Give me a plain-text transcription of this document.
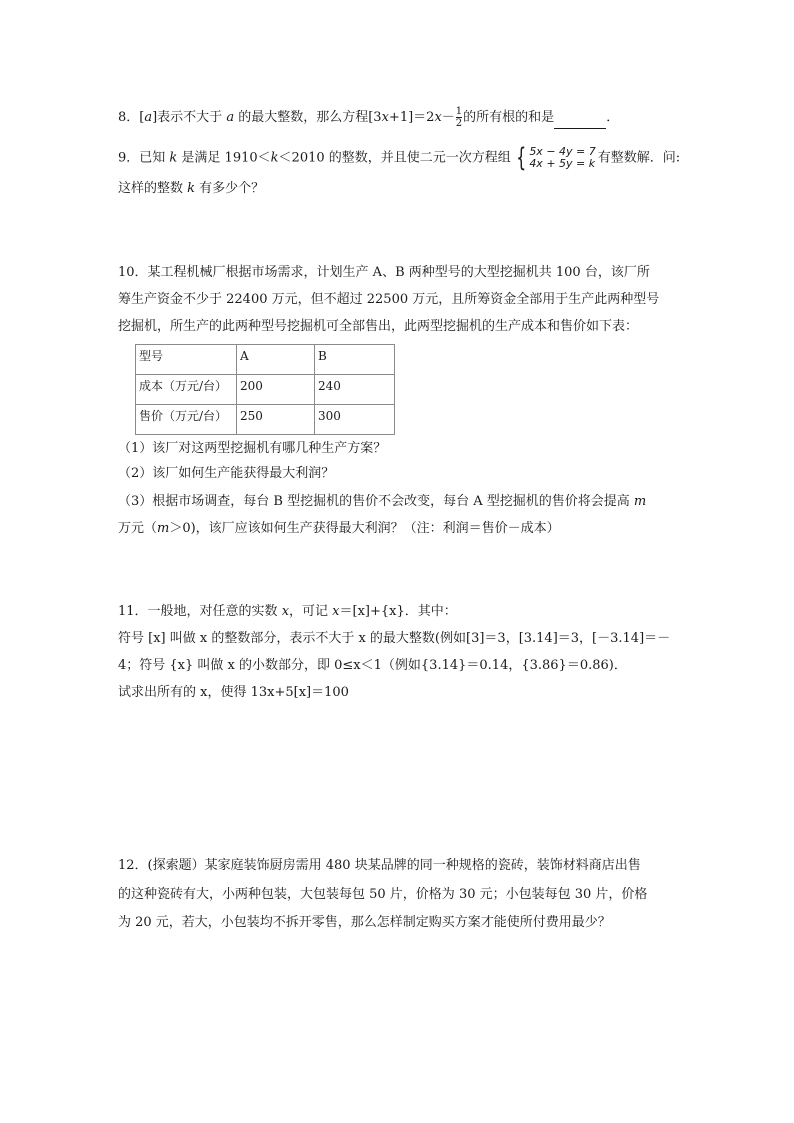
8．[a]表示不大于 a 的最大整数，那么方程$[3x+1]=2x- \frac{1}{2}$ 的所有根的和是	．
9．已知 k 是满足 1910＜k＜2010 的整数，并且使二元一次方程组 { 5x − 4y = 7
4x + 5y = k 有整数解．问:
这样的整数 k 有多少个？
10．某工程机械厂根据市场需求，计划生产 A、B 两种型号的大型挖掘机共 100 台，该厂所
筹生产资金不少于 22400 万元，但不超过 22500 万元，且所筹资金全部用于生产此两种型号
挖掘机，所生产的此两种型号挖掘机可全部售出，此两型挖掘机的生产成本和售价如下表：
型号	A	B
成本（万元/台）	200	240
售价（万元/台）	250	300
（1）该厂对这两型挖掘机有哪几种生产方案？
（2）该厂如何生产能获得最大利润？
（3）根据市场调查，每台 B 型挖掘机的售价不会改变，每台 A 型挖掘机的售价将会提高 m
万元（m＞0)，该厂应该如何生产获得最大利润？（注：利润＝售价－成本）
11．一般地，对任意的实数 x，可记 x＝[x]+{x}．其中：
符号 [x] 叫做 x 的整数部分，表示不大于 x 的最大整数(例如[3]＝3，[3.14]＝3，[－3.14]＝－
4；符号 {x} 叫做 x 的小数部分，即 0≤x＜1（例如{3.14}＝0.14，{3.86}＝0.86)．
试求出所有的 x，使得 13x+5[x]＝100
12．(探索题）某家庭装饰厨房需用 480 块某品牌的同一种规格的瓷砖，装饰材料商店出售
的这种瓷砖有大，小两种包装，大包装每包 50 片，价格为 30 元；小包装每包 30 片，价格
为 20 元，若大，小包装均不拆开零售，那么怎样制定购买方案才能使所付费用最少？
